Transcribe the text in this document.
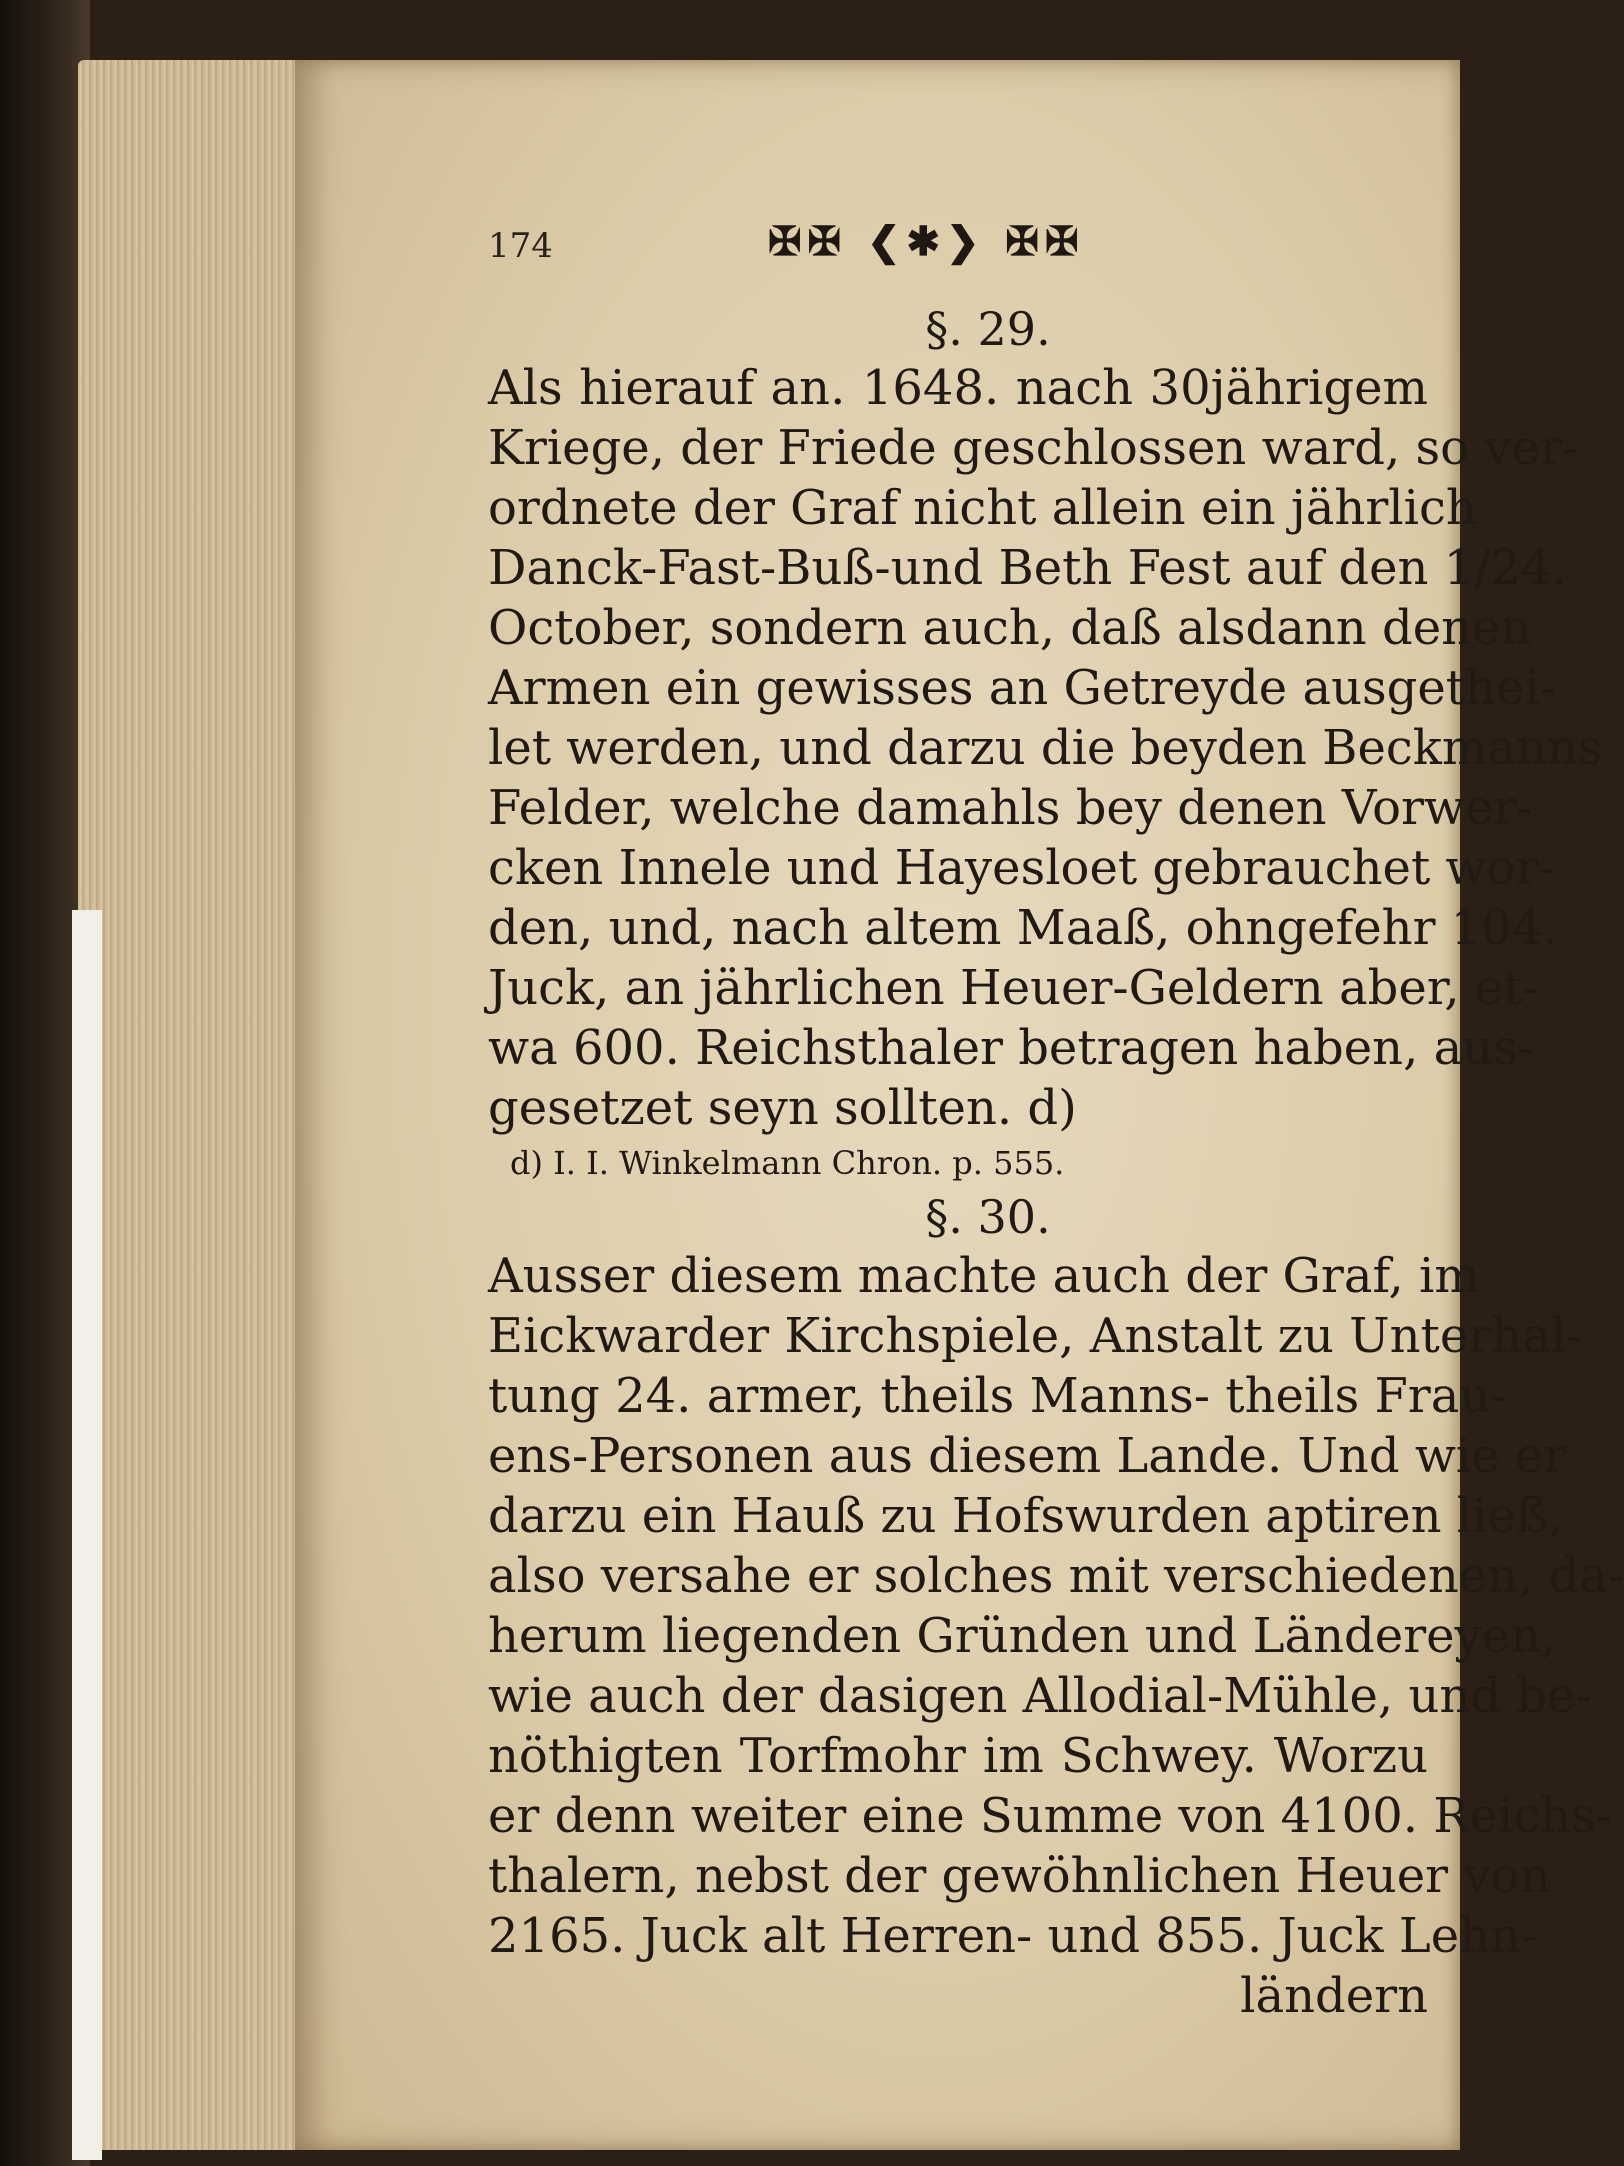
174	✠✠ ❮✱❯ ✠✠
§. 29.
Als hierauf an. 1648. nach 30jährigem
Kriege, der Friede geschlossen ward, so ver-
ordnete der Graf nicht allein ein jährlich
Danck-Fast-Buß-und Beth Fest auf den 1/24.
October, sondern auch, daß alsdann denen
Armen ein gewisses an Getreyde ausgethei-
let werden, und darzu die beyden Beckmanns
Felder, welche damahls bey denen Vorwer-
cken Innele und Hayesloet gebrauchet wor-
den, und, nach altem Maaß, ohngefehr 104.
Juck, an jährlichen Heuer-Geldern aber, et-
wa 600. Reichsthaler betragen haben, aus-
gesetzet seyn sollten. d)
d) I. I. Winkelmann Chron. p. 555.
§. 30.
Ausser diesem machte auch der Graf, im
Eickwarder Kirchspiele, Anstalt zu Unterhal-
tung 24. armer, theils Manns- theils Frau-
ens-Personen aus diesem Lande. Und wie er
darzu ein Hauß zu Hofswurden aptiren ließ,
also versahe er solches mit verschiedenen, da-
herum liegenden Gründen und Ländereyen,
wie auch der dasigen Allodial-Mühle, und be-
nöthigten Torfmohr im Schwey. Worzu
er denn weiter eine Summe von 4100. Reichs-
thalern, nebst der gewöhnlichen Heuer von
2165. Juck alt Herren- und 855. Juck Lehn-
ländern
